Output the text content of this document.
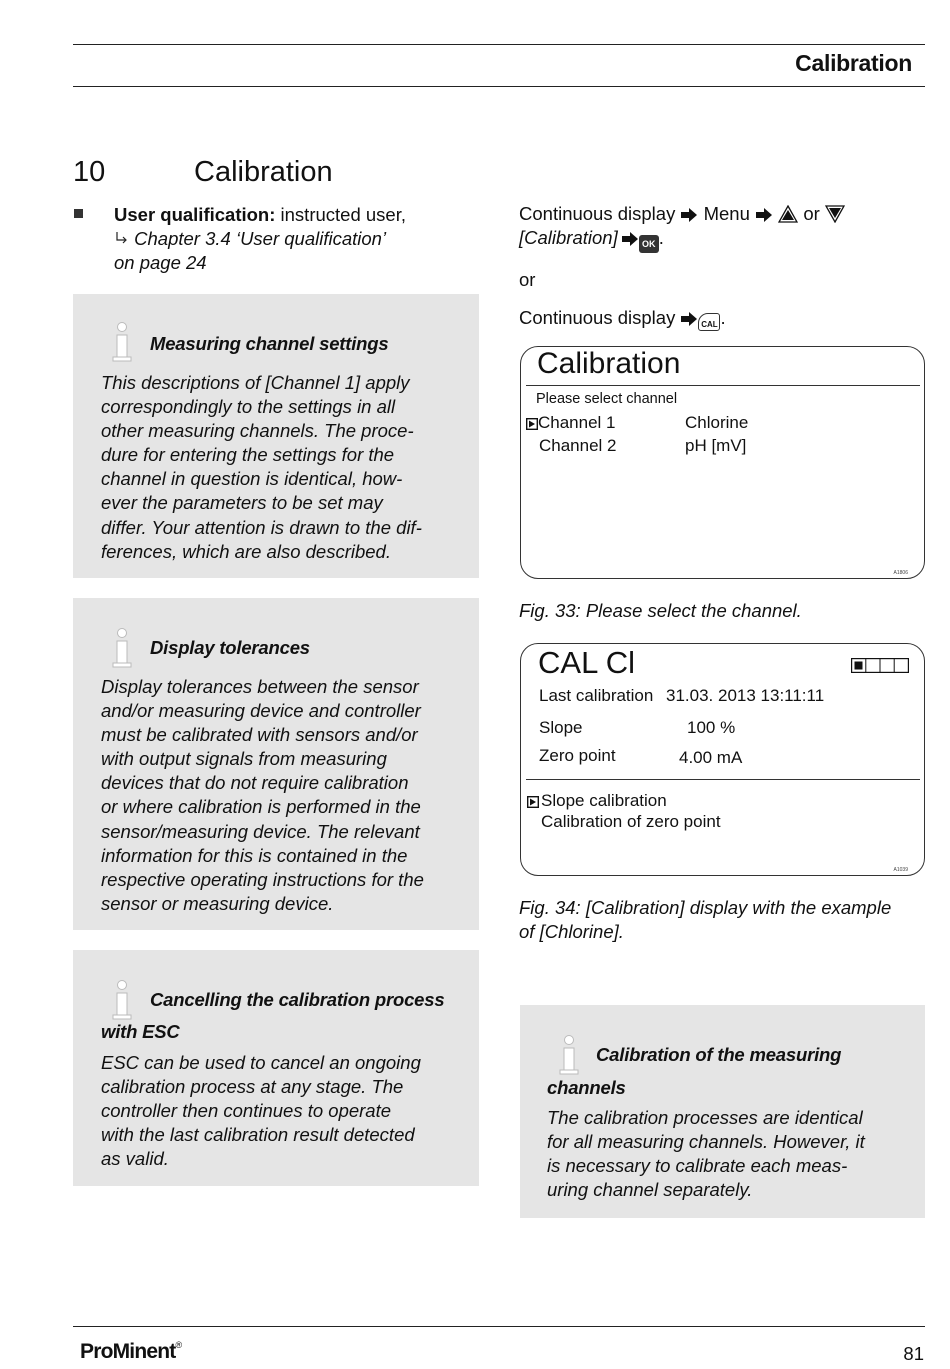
Calibration
10	Calibration
User qualification: instructed user,
Chapter 3.4 ‘User qualification’
on page 24
Measuring channel settings
This descriptions of [Channel 1] apply
correspondingly to the settings in all
other measuring channels. The proce-
dure for entering the settings for the
channel in question is identical, how-
ever the parameters to be set may
differ. Your attention is drawn to the dif-
ferences, which are also described.
Display tolerances
Display tolerances between the sensor
and/or measuring device and controller
must be calibrated with sensors and/or
with output signals from measuring
devices that do not require calibration
or where calibration is performed in the
sensor/measuring device. The relevant
information for this is contained in the
respective operating instructions for the
sensor or measuring device.
Cancelling the calibration process
with ESC
ESC can be used to cancel an ongoing
calibration process at any stage. The
controller then continues to operate
with the last calibration result detected
as valid.
Continuous display Menu	or
[Calibration]	OK .
or
Continuous display	CAL .
Calibration
Please select channel
Channel 1	Chlorine
Channel 2	pH [mV]
A1806
Fig. 33: Please select the channel.
CAL Cl
Last calibration 31.03. 2013 13:11:11
Slope	100 %
Zero point	4.00 mA
Slope calibration
Calibration of zero point
A1039
Fig. 34: [Calibration] display with the example
of [Chlorine].
Calibration of the measuring
channels
The calibration processes are identical
for all measuring channels. However, it
is necessary to calibrate each meas-
uring channel separately.
ProMinent®	81
